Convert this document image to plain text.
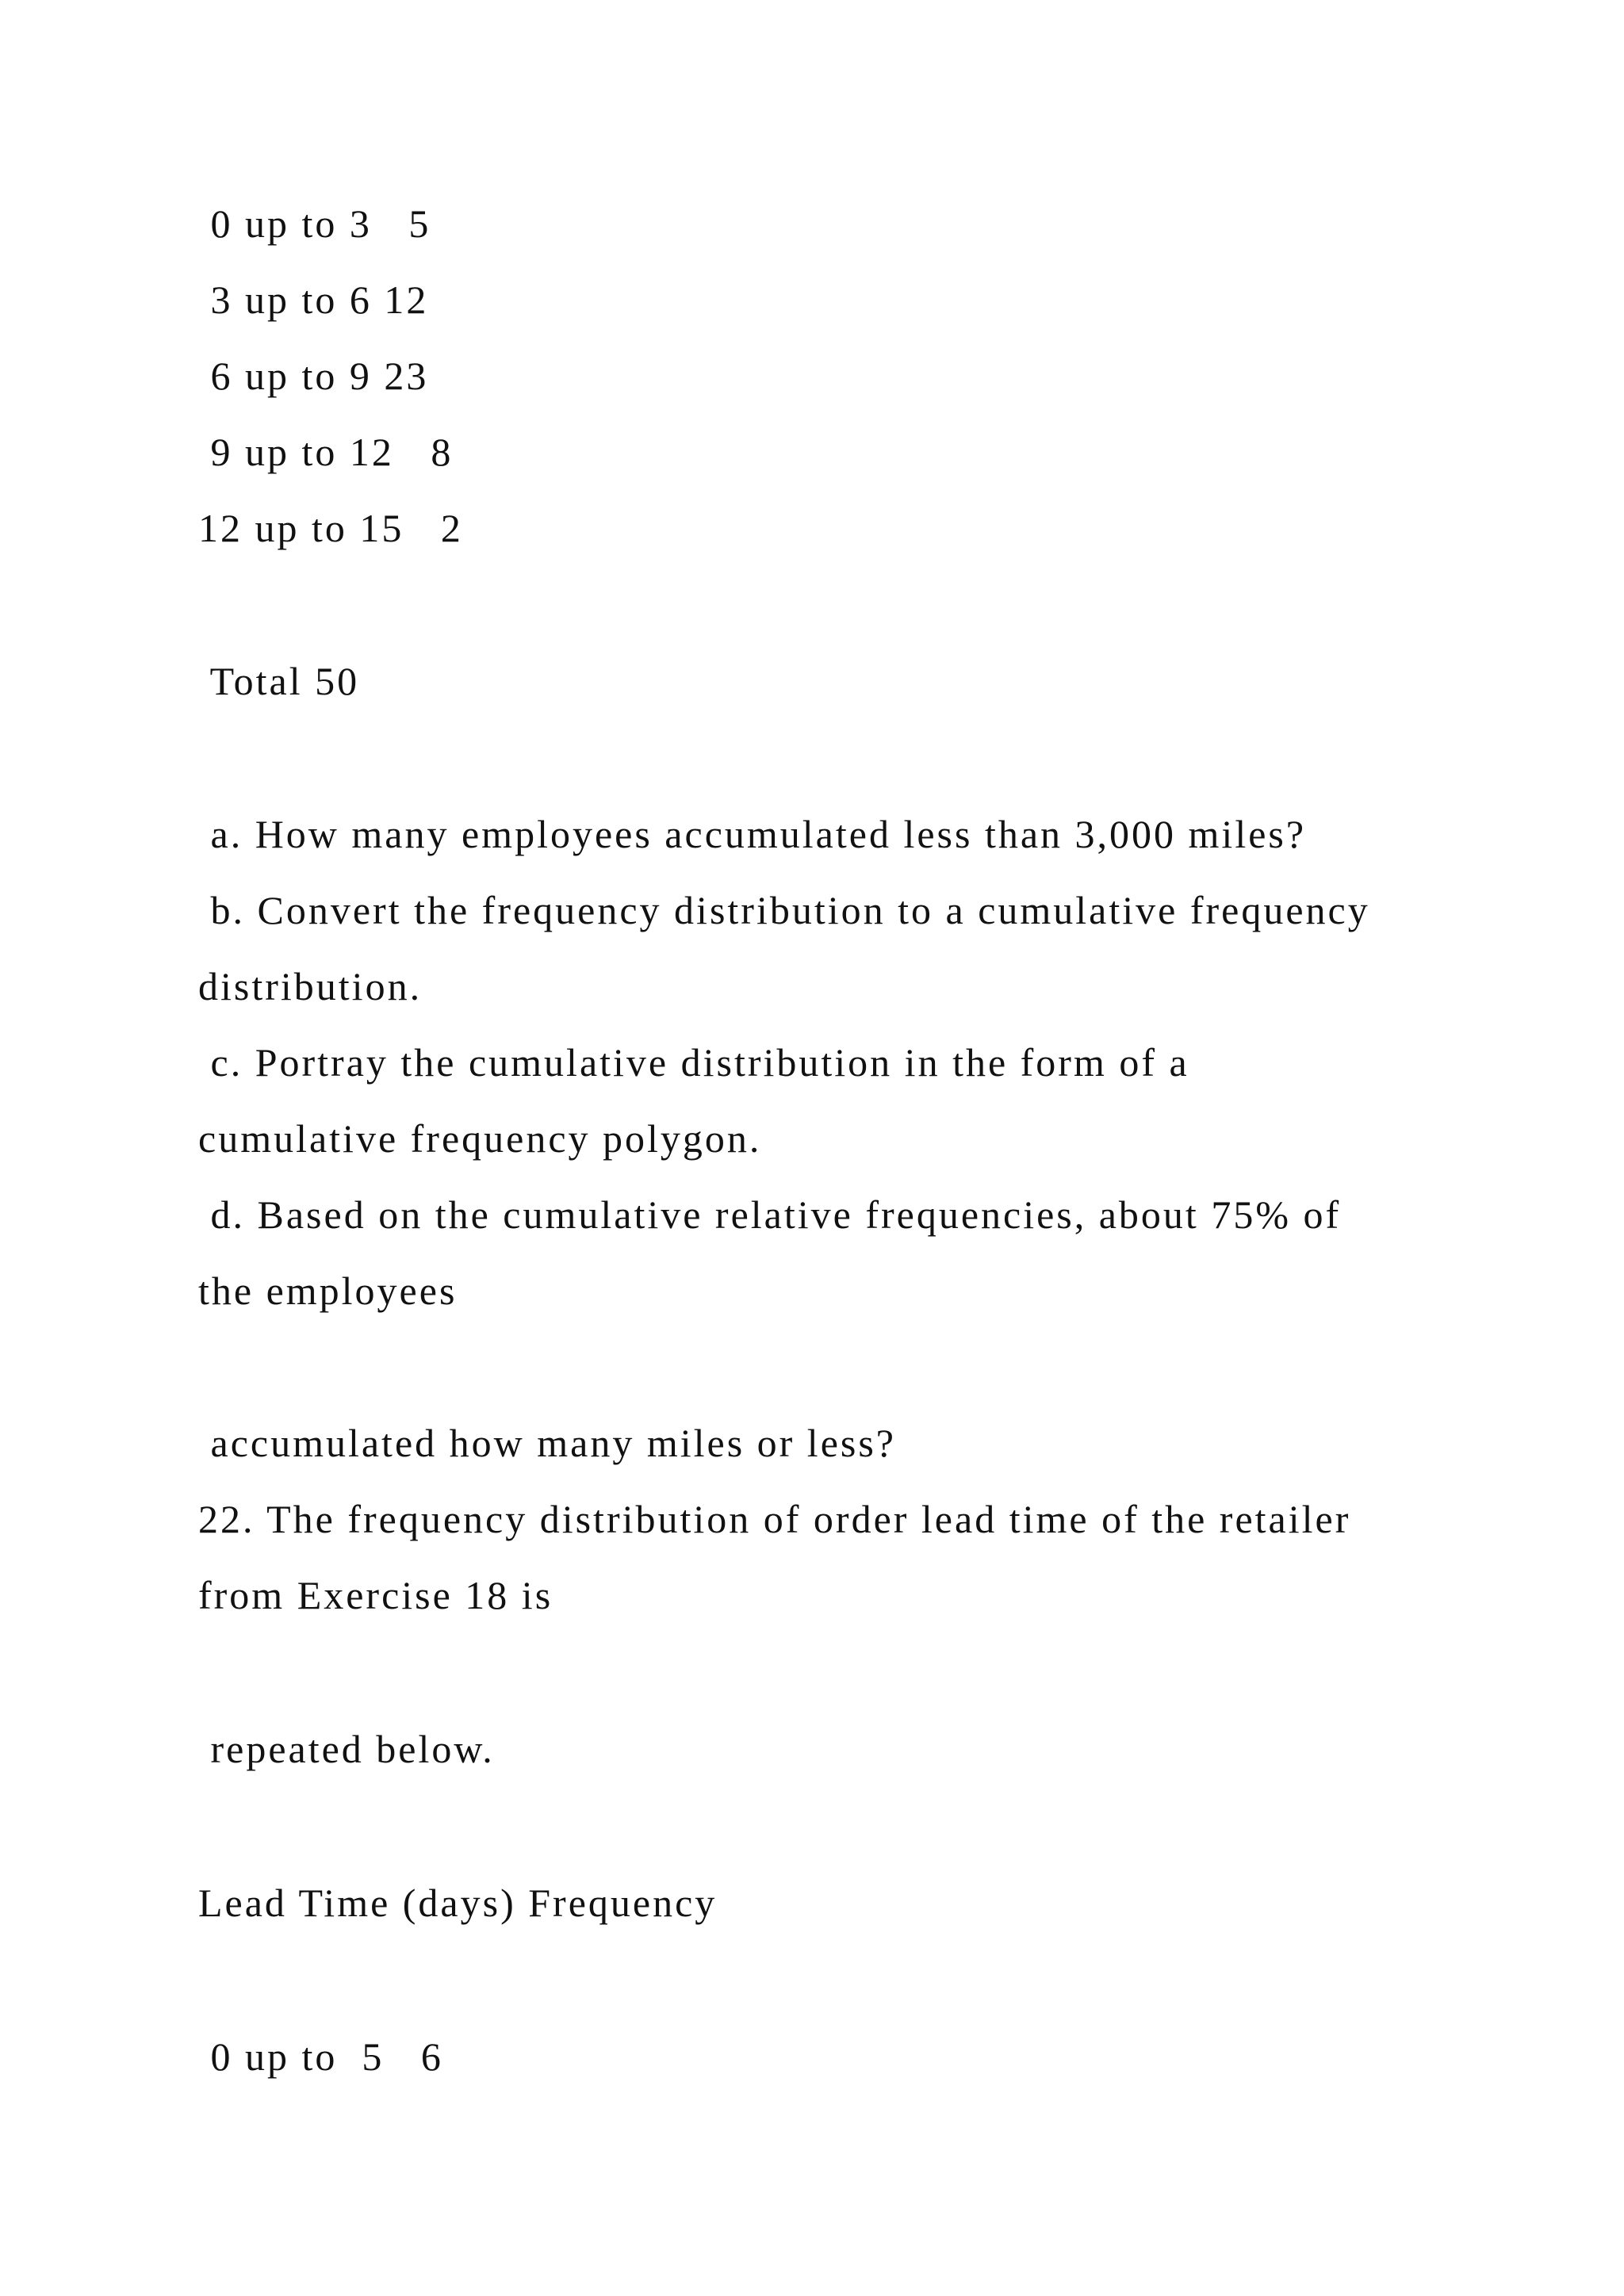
0 up to 3   5

3 up to 6 12

6 up to 9 23

9 up to 12   8

12 up to 15   2

Total 50

a. How many employees accumulated less than 3,000 miles?

b. Convert the frequency distribution to a cumulative frequency

distribution.

c. Portray the cumulative distribution in the form of a

cumulative frequency polygon.

d. Based on the cumulative relative frequencies, about 75% of

the employees

accumulated how many miles or less?

22. The frequency distribution of order lead time of the retailer

from Exercise 18 is

repeated below.

Lead Time (days) Frequency

0 up to  5   6
